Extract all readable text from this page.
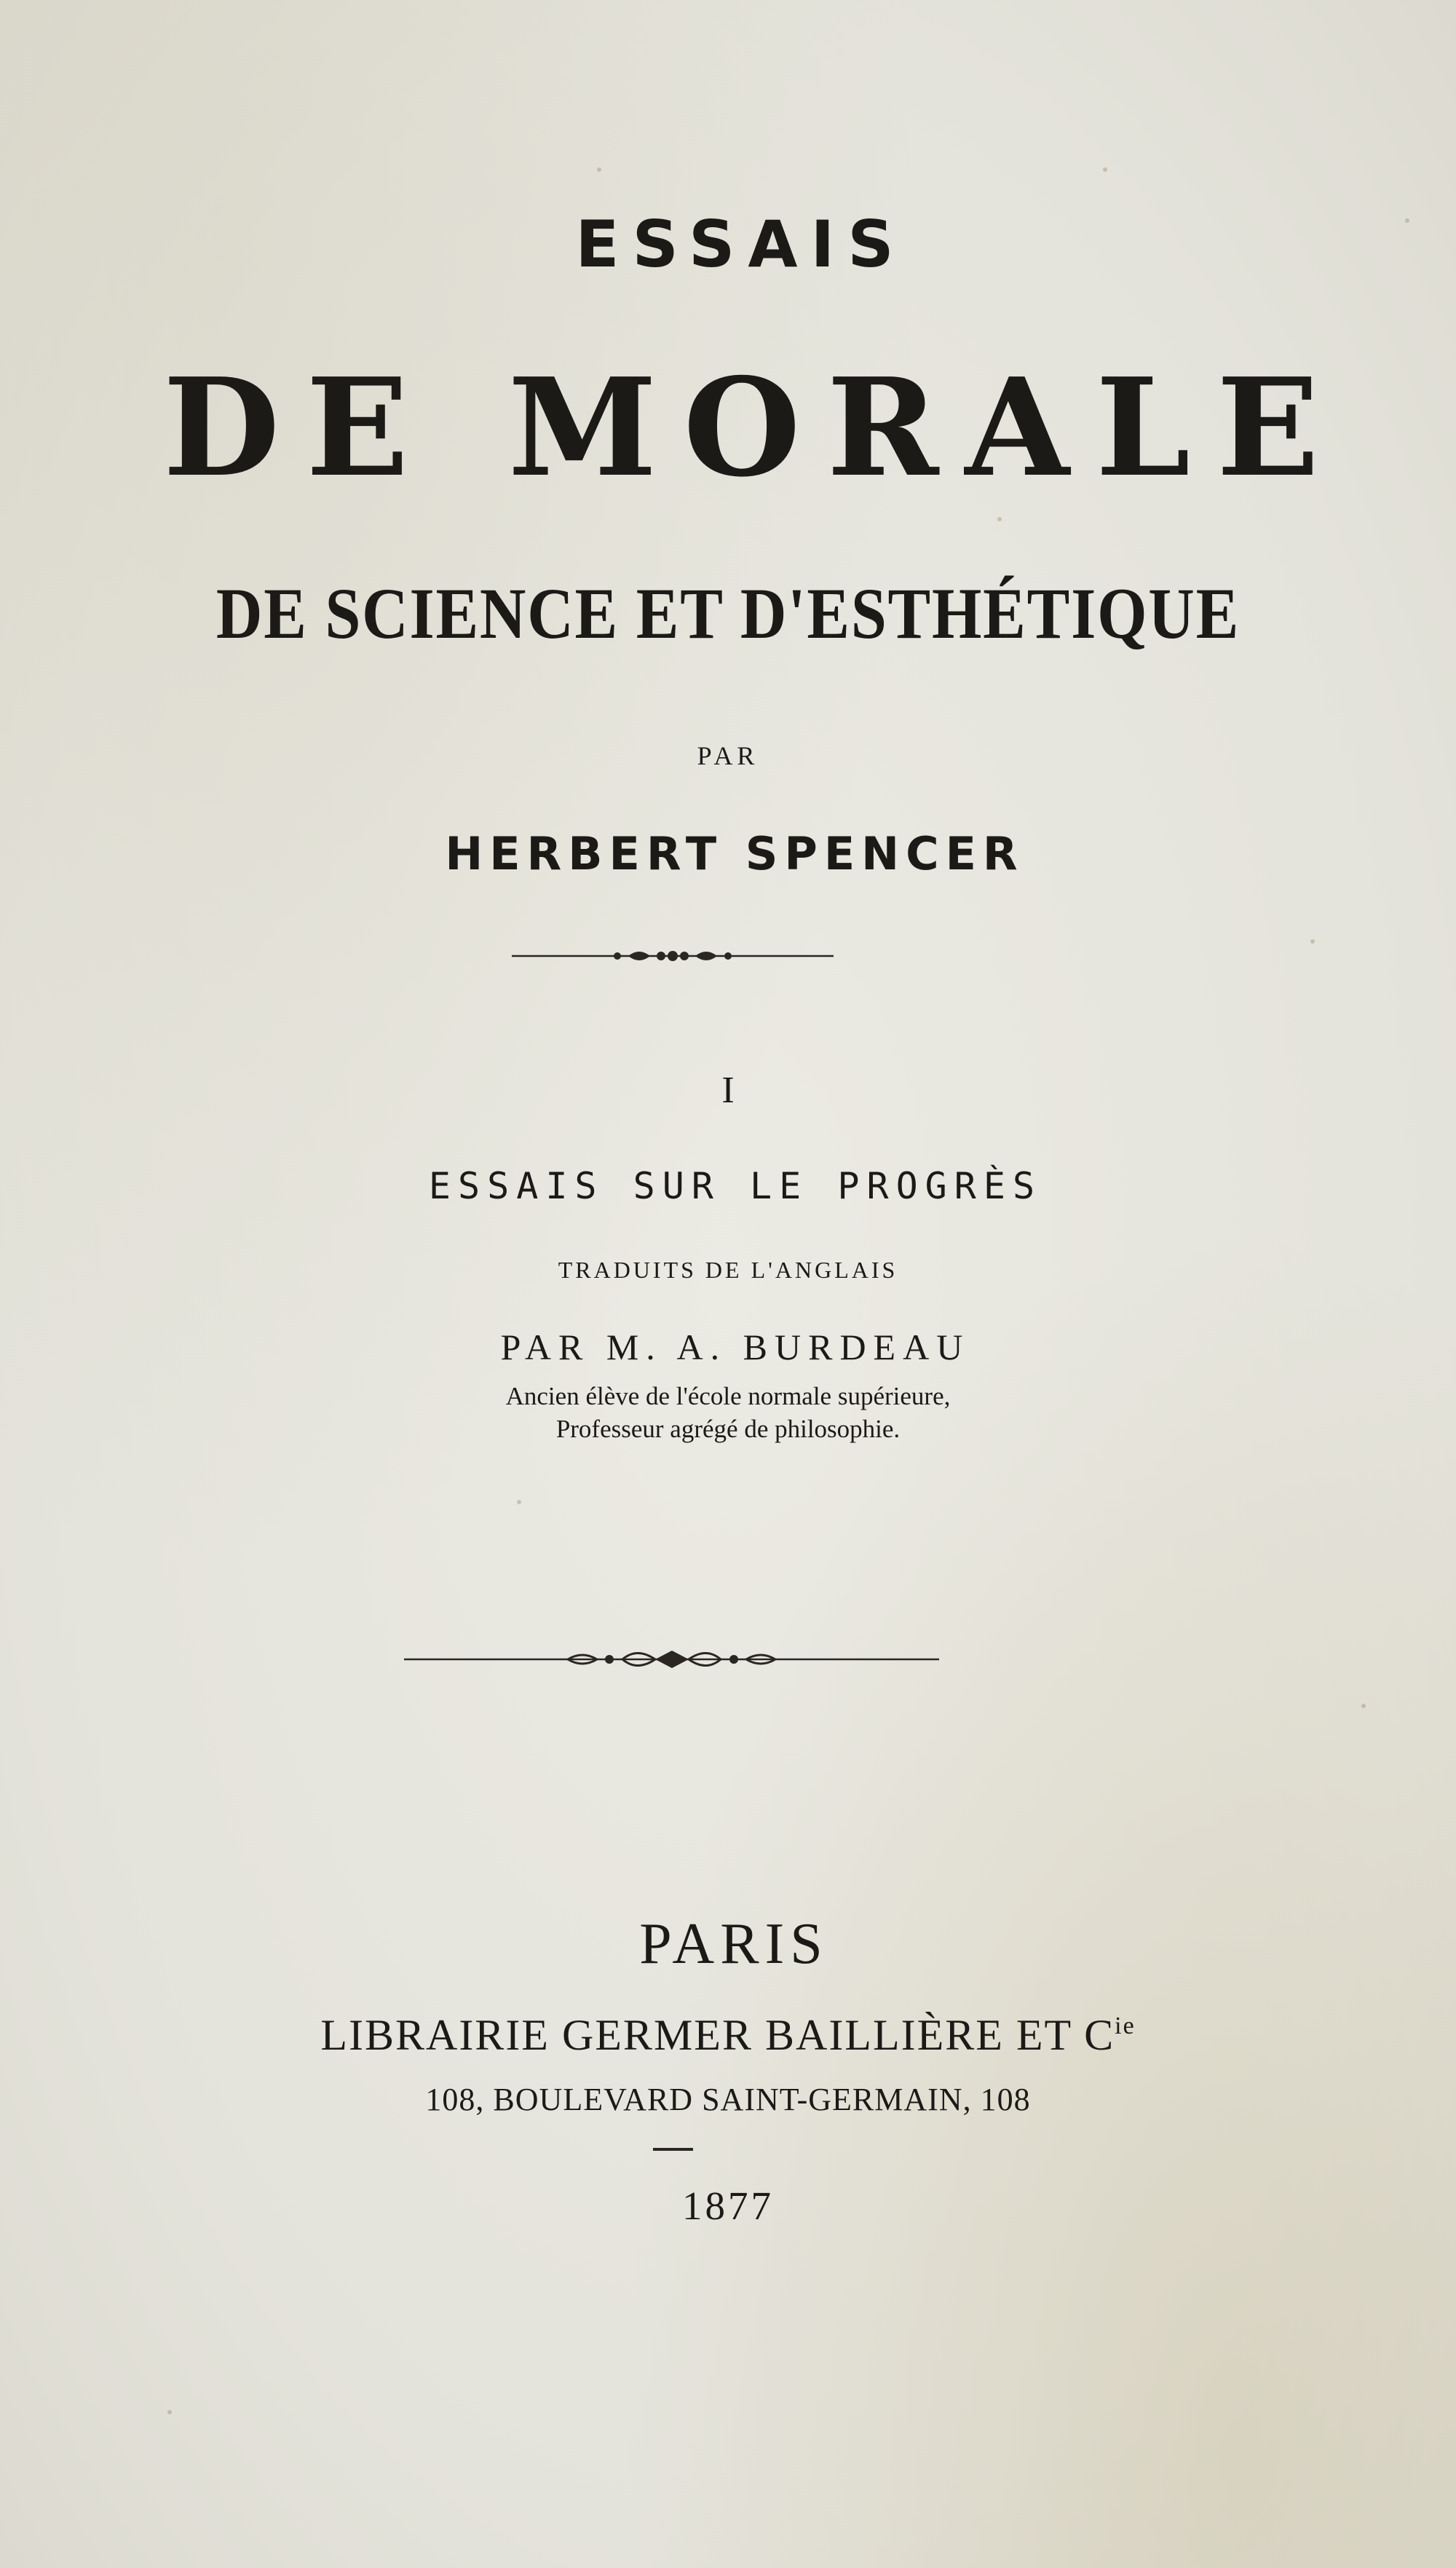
ESSAIS
DE MORALE
DE SCIENCE ET D'ESTHÉTIQUE
PAR
HERBERT SPENCER
I
ESSAIS SUR LE PROGRÈS
TRADUITS DE L'ANGLAIS
PAR M. A. BURDEAU
Ancien élève de l'école normale supérieure,
Professeur agrégé de philosophie.
PARIS
LIBRAIRIE GERMER BAILLIÈRE ET $C^{ie}$
108, BOULEVARD SAINT-GERMAIN, 108
1877
